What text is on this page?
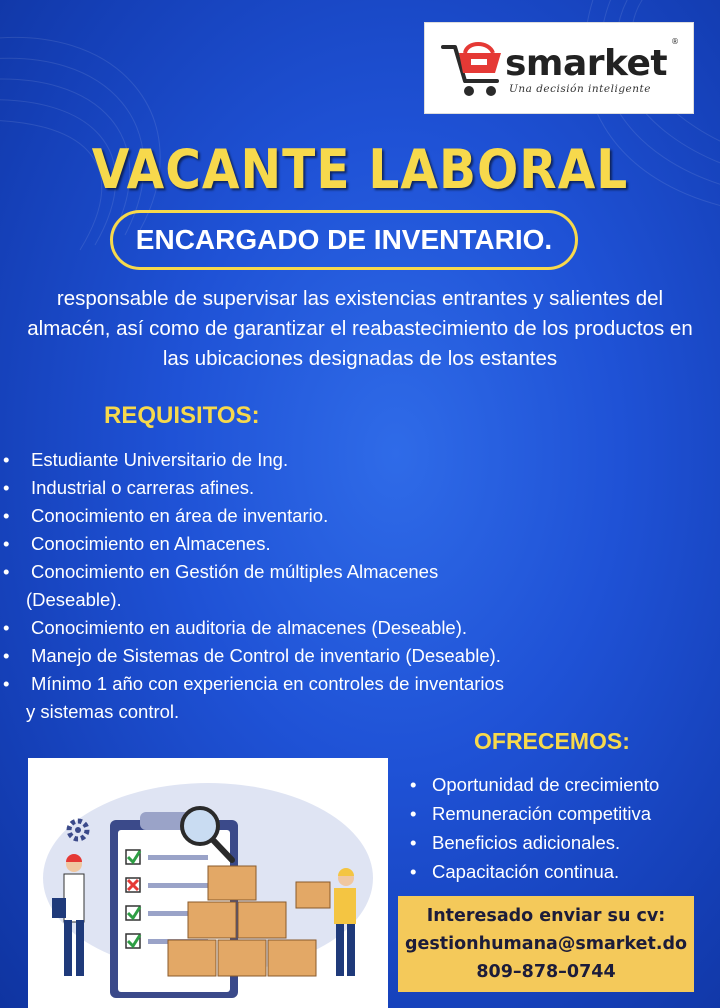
smarket
®
Una decisión inteligente
VACANTE LABORAL
ENCARGADO DE INVENTARIO.
responsable de supervisar las existencias entrantes y salientes del almacén, así como de garantizar el reabastecimiento de los productos en las ubicaciones designadas de los estantes
REQUISITOS:
• Estudiante Universitario de Ing.
• Industrial o carreras afines.
• Conocimiento en área de inventario.
• Conocimiento en Almacenes.
• Conocimiento en Gestión de múltiples Almacenes
(Deseable).
• Conocimiento en auditoria de almacenes (Deseable).
• Manejo de Sistemas de Control de inventario (Deseable).
• Mínimo 1 año con experiencia en controles de inventarios
y sistemas control.
OFRECEMOS:
• Oportunidad de crecimiento
• Remuneración competitiva
• Beneficios adicionales.
• Capacitación continua.
Interesado enviar su cv:
gestionhumana@smarket.do
809–878–0744
